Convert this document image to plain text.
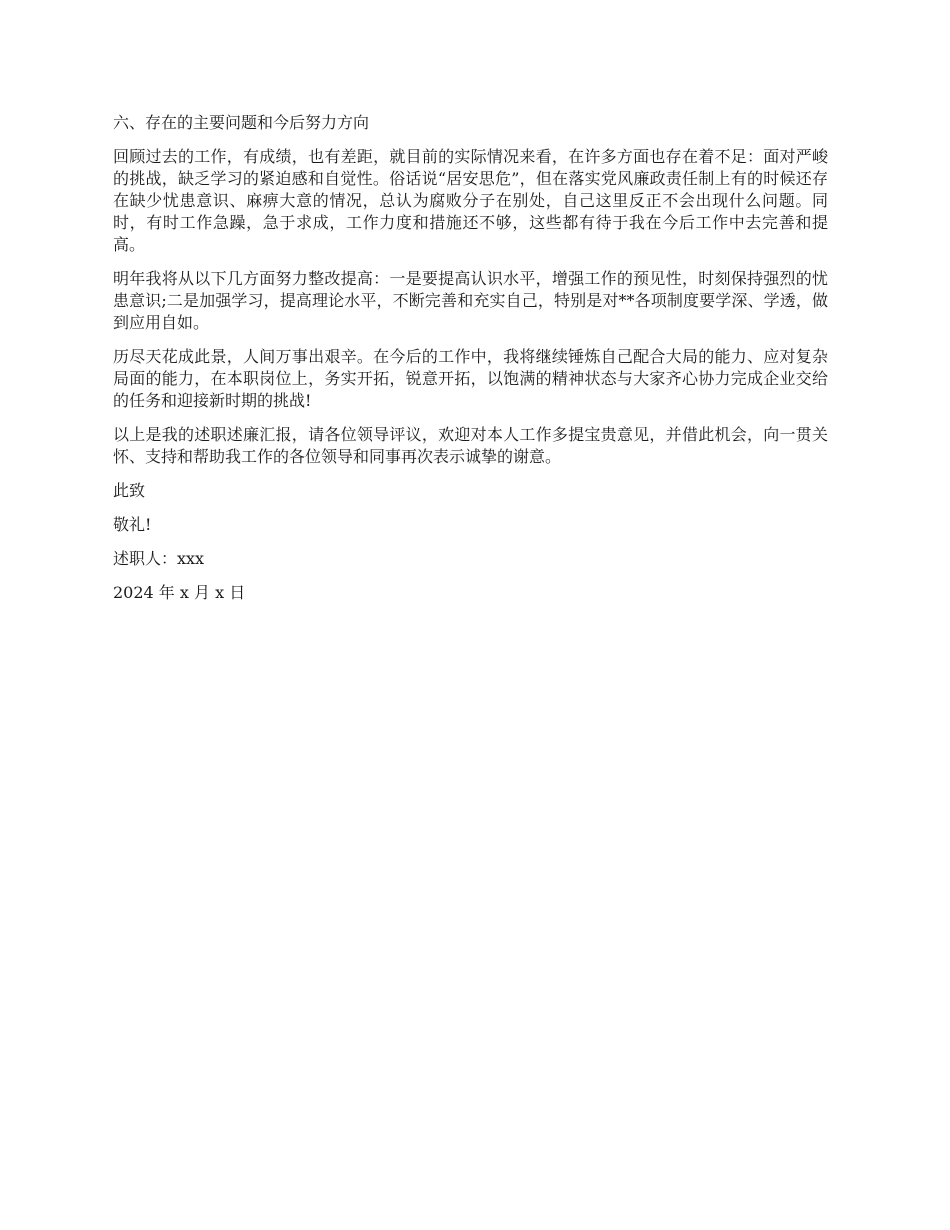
六、存在的主要问题和今后努力方向

回顾过去的工作，有成绩，也有差距，就目前的实际情况来看，在许多方面也存在着不足：面对严峻的挑战，缺乏学习的紧迫感和自觉性。俗话说“居安思危”，但在落实党风廉政责任制上有的时候还存在缺少忧患意识、麻痹大意的情况，总认为腐败分子在别处，自己这里反正不会出现什么问题。同时，有时工作急躁，急于求成，工作力度和措施还不够，这些都有待于我在今后工作中去完善和提高。

明年我将从以下几方面努力整改提高：一是要提高认识水平，增强工作的预见性，时刻保持强烈的忧患意识;二是加强学习，提高理论水平，不断完善和充实自己，特别是对**各项制度要学深、学透，做到应用自如。

历尽天花成此景，人间万事出艰辛。在今后的工作中，我将继续锤炼自己配合大局的能力、应对复杂局面的能力，在本职岗位上，务实开拓，锐意开拓，以饱满的精神状态与大家齐心协力完成企业交给的任务和迎接新时期的挑战!

以上是我的述职述廉汇报，请各位领导评议，欢迎对本人工作多提宝贵意见，并借此机会，向一贯关怀、支持和帮助我工作的各位领导和同事再次表示诚挚的谢意。

此致

敬礼!

述职人：xxx

2024 年 x 月 x 日
